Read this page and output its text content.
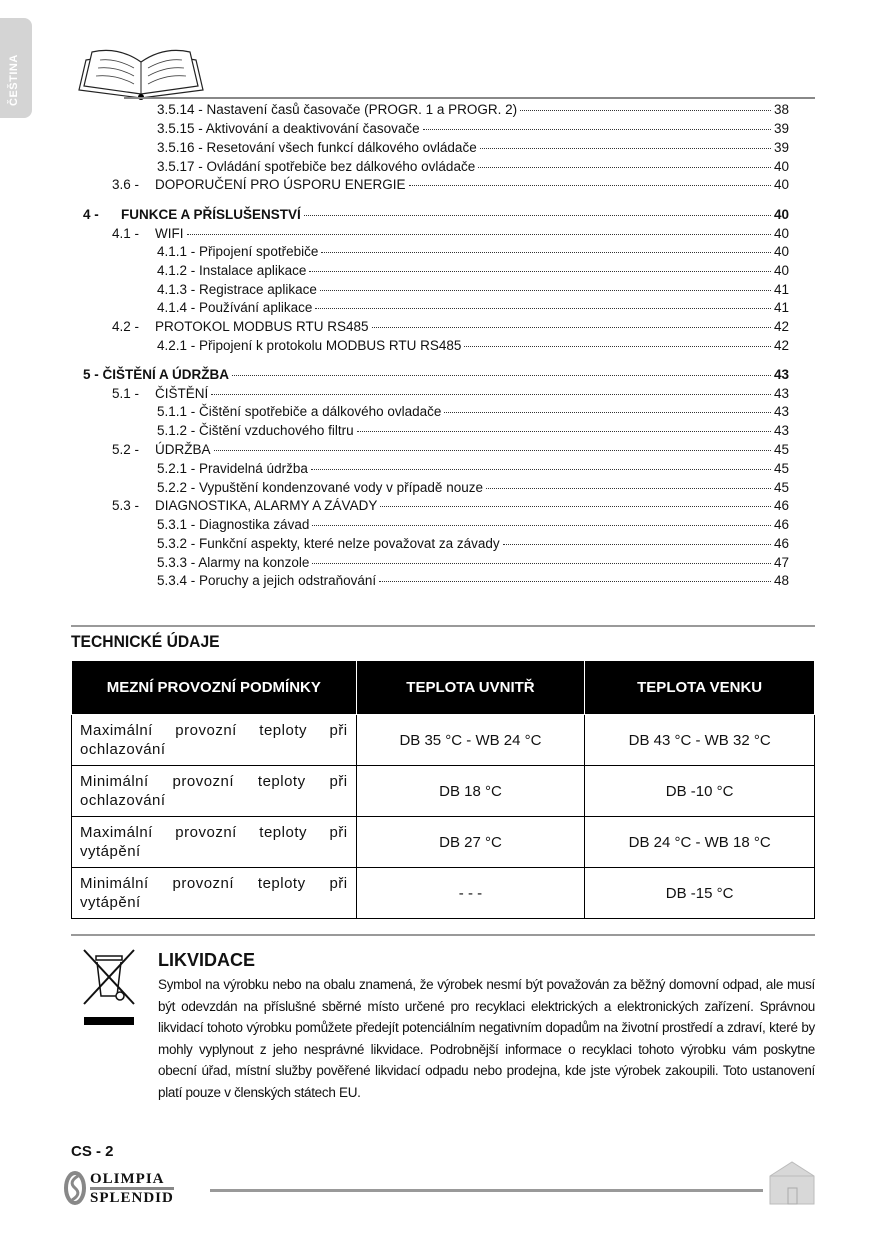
ČEŠTINA
3.5.14 - Nastavení časů časovače (PROGR. 1 a PROGR. 2)	38
3.5.15 - Aktivování a deaktivování časovače	39
3.5.16 - Resetování všech funkcí dálkového ovládače	39
3.5.17 - Ovládání spotřebiče bez dálkového ovládače	40
3.6 -	DOPORUČENÍ PRO ÚSPORU ENERGIE	40
4 -	FUNKCE A PŘÍSLUŠENSTVÍ	40
4.1 -	WIFI	40
4.1.1 - Připojení spotřebiče	40
4.1.2 - Instalace aplikace	40
4.1.3 - Registrace aplikace	41
4.1.4 - Používání aplikace	41
4.2 -	PROTOKOL MODBUS RTU RS485	42
4.2.1 - Připojení k protokolu MODBUS RTU RS485	42
5 - ČIŠTĚNÍ A ÚDRŽBA	43
5.1 -	ČIŠTĚNÍ	43
5.1.1 - Čištění spotřebiče a dálkového ovladače	43
5.1.2 - Čištění vzduchového filtru	43
5.2 -	ÚDRŽBA	45
5.2.1 - Pravidelná údržba	45
5.2.2 - Vypuštění kondenzované vody v případě nouze	45
5.3 -	DIAGNOSTIKA, ALARMY A ZÁVADY	46
5.3.1 - Diagnostika závad	46
5.3.2 - Funkční aspekty, které nelze považovat za závady	46
5.3.3 - Alarmy na konzole	47
5.3.4 - Poruchy a jejich odstraňování	48
TECHNICKÉ ÚDAJE
MEZNÍ PROVOZNÍ PODMÍNKY	TEPLOTA UVNITŘ	TEPLOTA VENKU
Maximální provozní teploty při ochlazování	DB 35 °C - WB 24 °C	DB 43 °C - WB 32 °C
Minimální provozní teploty při ochlazování	DB 18 °C	DB -10 °C
Maximální provozní teploty při vytápění	DB 27 °C	DB 24 °C - WB 18 °C
Minimální provozní teploty při vytápění	- - -	DB -15 °C
LIKVIDACE
Symbol na výrobku nebo na obalu znamená, že výrobek nesmí být považován za běžný domovní odpad, ale musí být odevzdán na příslušné sběrné místo určené pro recyklaci elektrických a elektronických zařízení. Správnou likvidací tohoto výrobku pomůžete předejít potenciálním negativním dopadům na životní prostředí a zdraví, které by mohly vyplynout z jeho nesprávné likvidace. Podrobnější informace o recyklaci tohoto výrobku vám poskytne obecní úřad, místní služby pověřené likvidací odpadu nebo prodejna, kde jste výrobek zakoupili. Toto ustanovení platí pouze v členských státech EU.
CS - 2
OLIMPIA
SPLENDID
